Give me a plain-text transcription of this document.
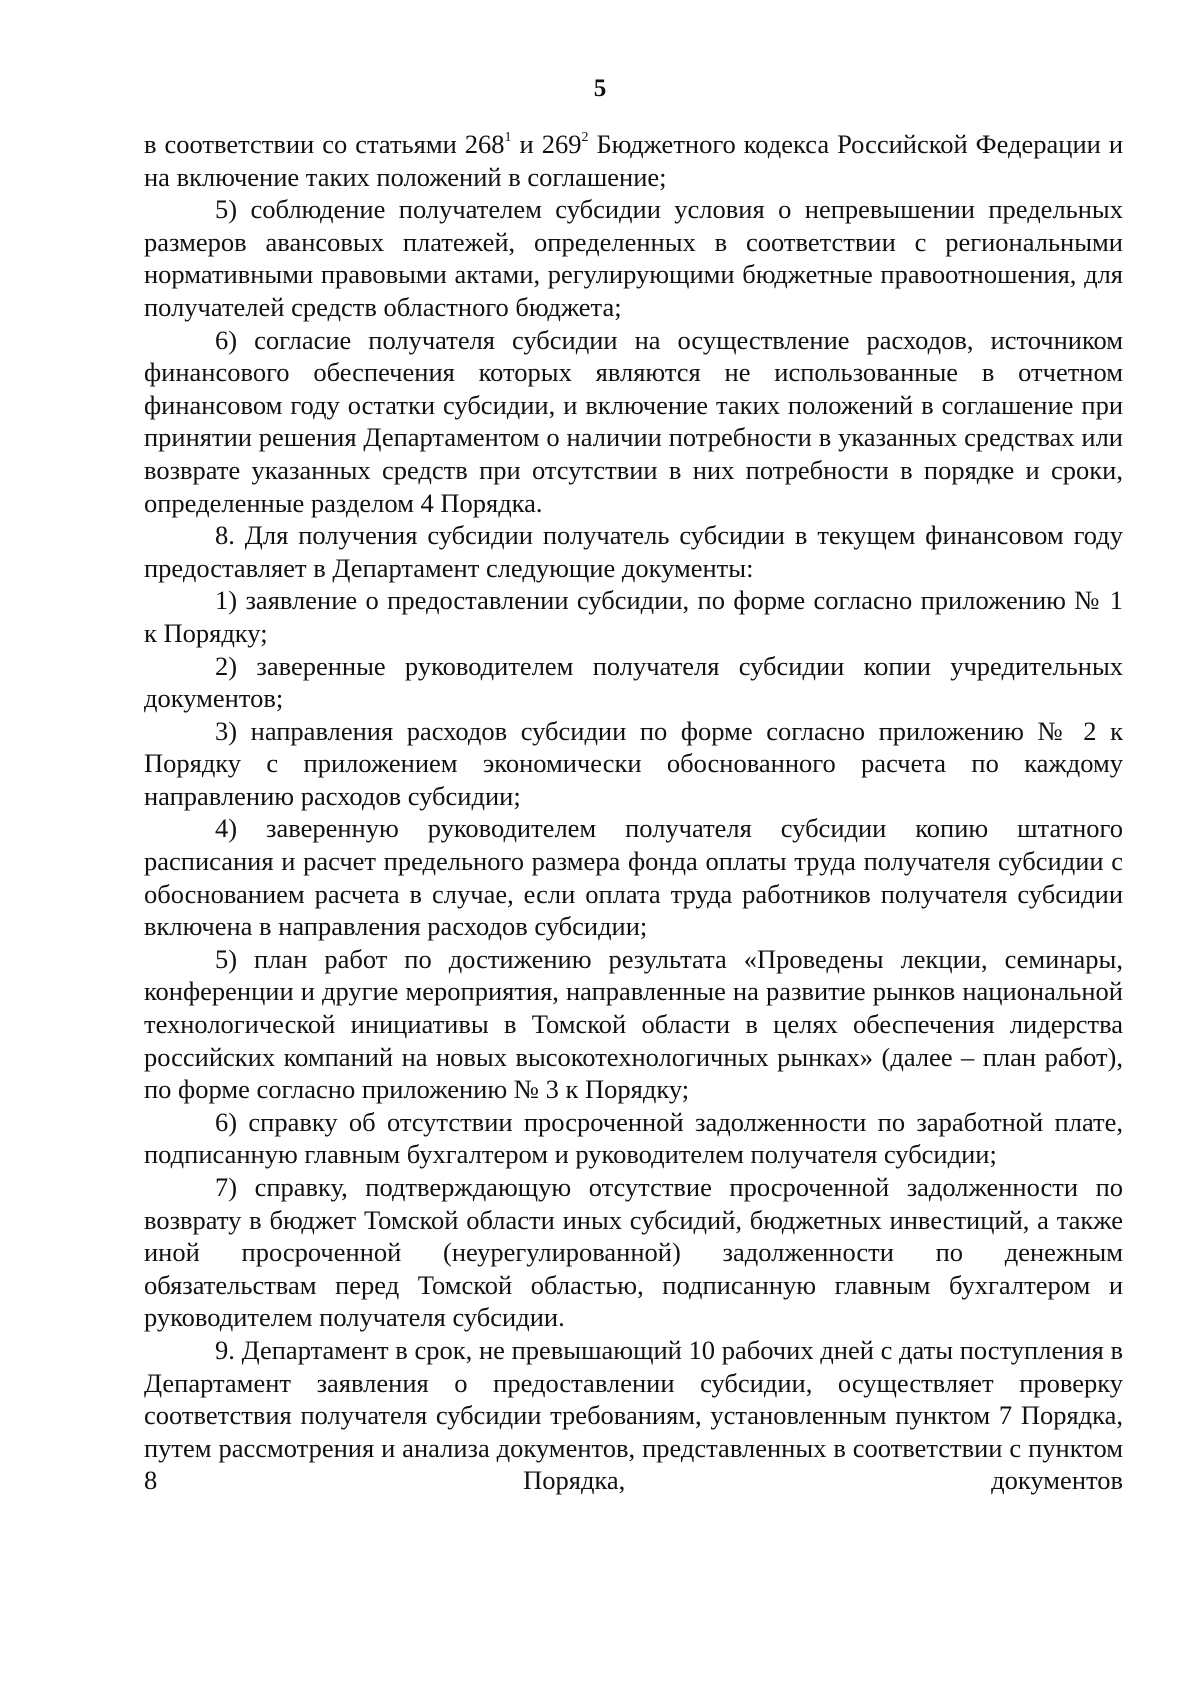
5

в соответствии со статьями $268^1$ и $269^2$ Бюджетного кодекса Российской Федерации и на включение таких положений в соглашение;

5) соблюдение получателем субсидии условия о непревышении предельных размеров авансовых платежей, определенных в соответствии с региональными нормативными правовыми актами, регулирующими бюджетные правоотношения, для получателей средств областного бюджета;

6) согласие получателя субсидии на осуществление расходов, источником финансового обеспечения которых являются не использованные в отчетном финансовом году остатки субсидии, и включение таких положений в соглашение при принятии решения Департаментом о наличии потребности в указанных средствах или возврате указанных средств при отсутствии в них потребности в порядке и сроки, определенные разделом 4 Порядка.

8. Для получения субсидии получатель субсидии в текущем финансовом году предоставляет в Департамент следующие документы:

1) заявление о предоставлении субсидии, по форме согласно приложению № 1 к Порядку;

2) заверенные руководителем получателя субсидии копии учредительных документов;

3) направления расходов субсидии по форме согласно приложению № 2 к Порядку с приложением экономически обоснованного расчета по каждому направлению расходов субсидии;

4) заверенную руководителем получателя субсидии копию штатного расписания и расчет предельного размера фонда оплаты труда получателя субсидии с обоснованием расчета в случае, если оплата труда работников получателя субсидии включена в направления расходов субсидии;

5) план работ по достижению результата «Проведены лекции, семинары, конференции и другие мероприятия, направленные на развитие рынков национальной технологической инициативы в Томской области в целях обеспечения лидерства российских компаний на новых высокотехнологичных рынках» (далее – план работ), по форме согласно приложению № 3 к Порядку;

6) справку об отсутствии просроченной задолженности по заработной плате, подписанную главным бухгалтером и руководителем получателя субсидии;

7) справку, подтверждающую отсутствие просроченной задолженности по возврату в бюджет Томской области иных субсидий, бюджетных инвестиций, а также иной просроченной (неурегулированной) задолженности по денежным обязательствам перед Томской областью, подписанную главным бухгалтером и руководителем получателя субсидии.

9. Департамент в срок, не превышающий 10 рабочих дней с даты поступления в Департамент заявления о предоставлении субсидии, осуществляет проверку соответствия получателя субсидии требованиям, установленным пунктом 7 Порядка, путем рассмотрения и анализа документов, представленных в соответствии с пунктом 8 Порядка, документов
